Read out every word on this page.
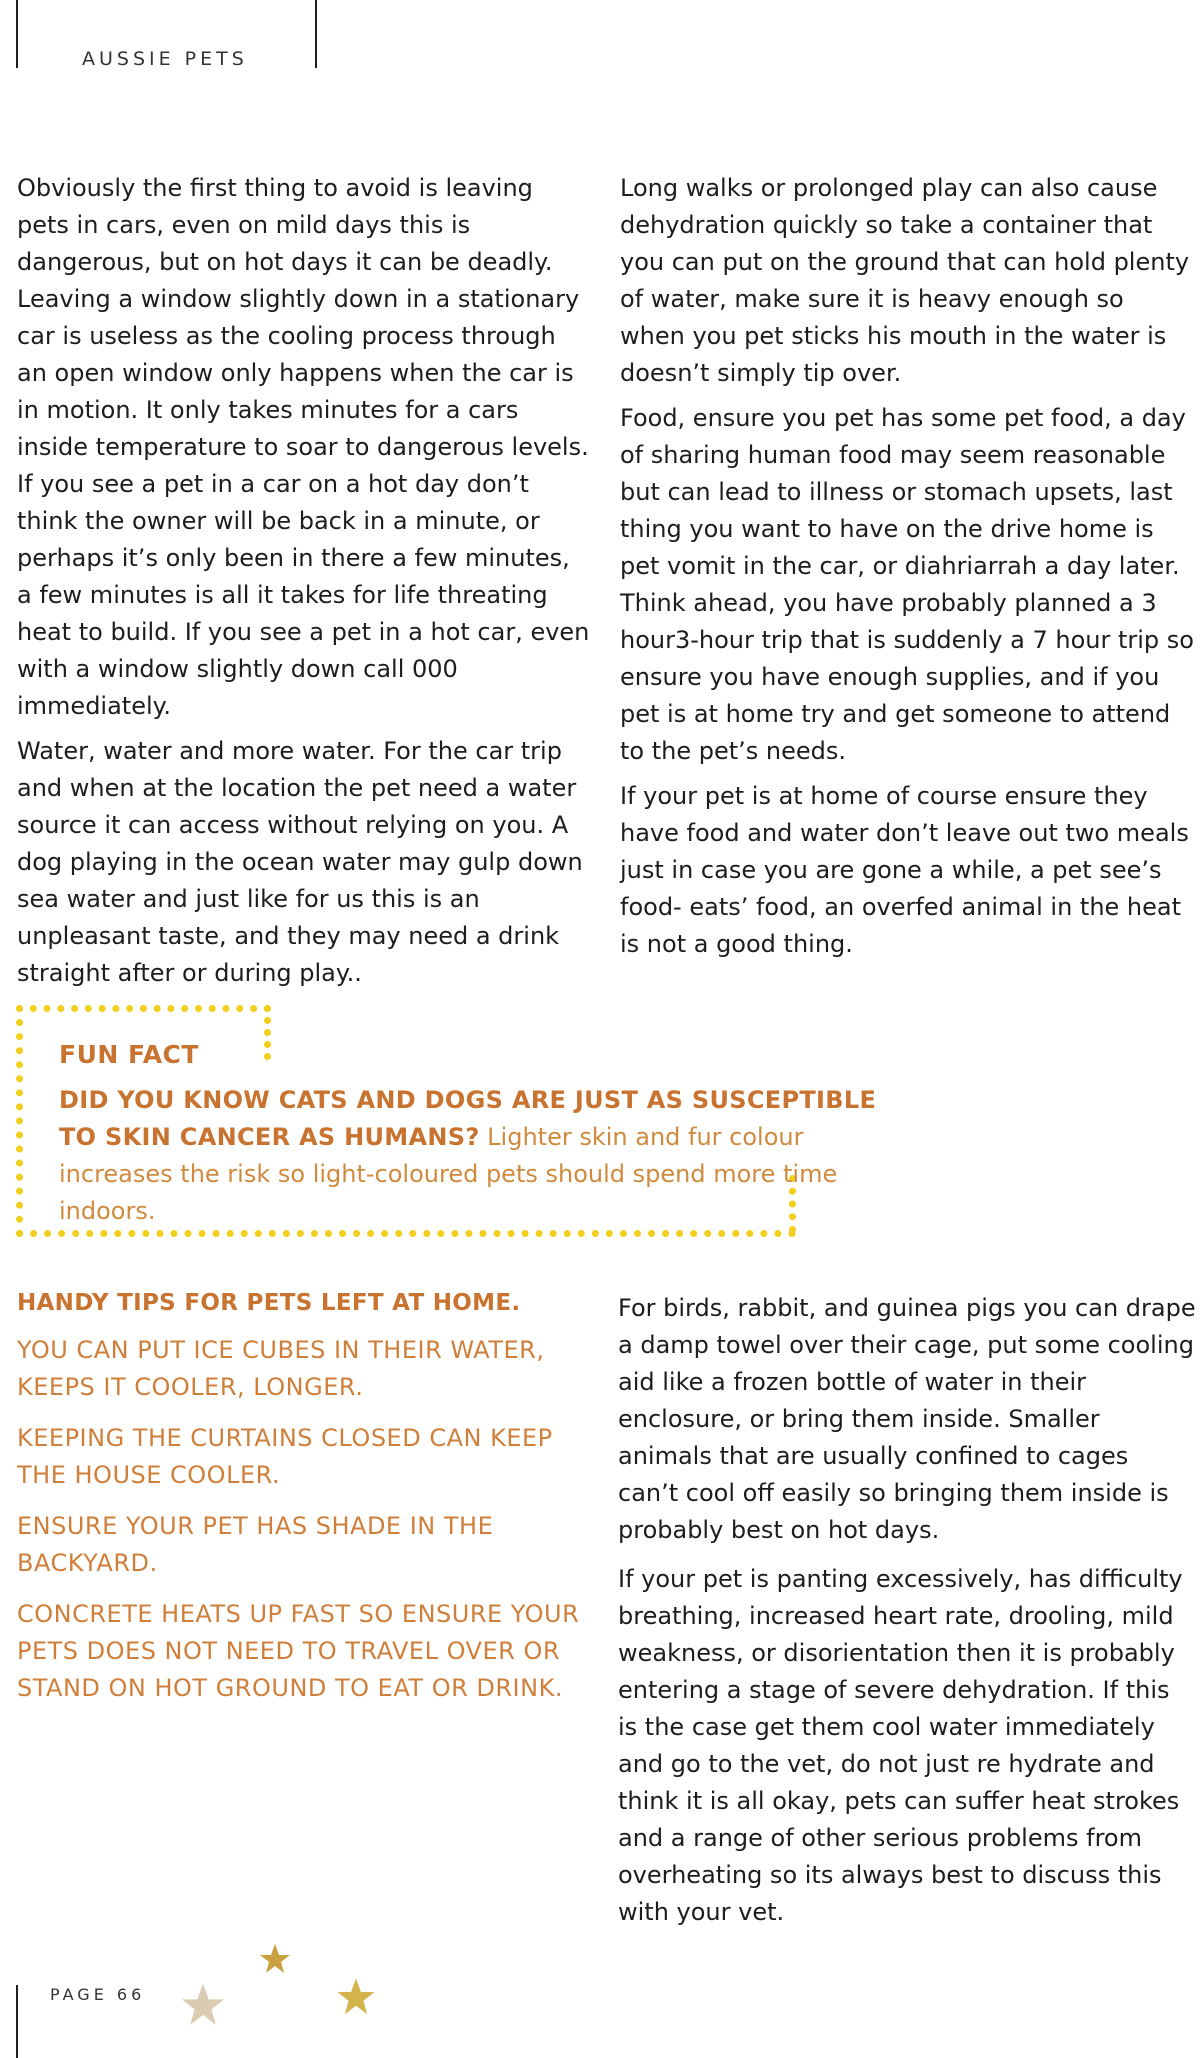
AUSSIE PETS

Obviously the first thing to avoid is leaving pets in cars, even on mild days this is dangerous, but on hot days it can be deadly. Leaving a window slightly down in a stationary car is useless as the cooling process through an open window only happens when the car is in motion. It only takes minutes for a cars inside temperature to soar to dangerous levels. If you see a pet in a car on a hot day don’t think the owner will be back in a minute, or perhaps it’s only been in there a few minutes, a few minutes is all it takes for life threating heat to build. If you see a pet in a hot car, even with a window slightly down call 000 immediately.

Water, water and more water. For the car trip and when at the location the pet need a water source it can access without relying on you. A dog playing in the ocean water may gulp down sea water and just like for us this is an unpleasant taste, and they may need a drink straight after or during play..

Long walks or prolonged play can also cause dehydration quickly so take a container that you can put on the ground that can hold plenty of water, make sure it is heavy enough so when you pet sticks his mouth in the water is doesn’t simply tip over.

Food, ensure you pet has some pet food, a day of sharing human food may seem reasonable but can lead to illness or stomach upsets, last thing you want to have on the drive home is pet vomit in the car, or diahriarrah a day later. Think ahead, you have probably planned a 3 hour3-hour trip that is suddenly a 7 hour trip so ensure you have enough supplies, and if you pet is at home try and get someone to attend to the pet’s needs.

If your pet is at home of course ensure they have food and water don’t leave out two meals just in case you are gone a while, a pet see’s food- eats’ food, an overfed animal in the heat is not a good thing.

FUN FACT
DID YOU KNOW CATS AND DOGS ARE JUST AS SUSCEPTIBLE TO SKIN CANCER AS HUMANS? Lighter skin and fur colour increases the risk so light-coloured pets should spend more time indoors.
HANDY TIPS FOR PETS LEFT AT HOME.
YOU CAN PUT ICE CUBES IN THEIR WATER, KEEPS IT COOLER, LONGER.
KEEPING THE CURTAINS CLOSED CAN KEEP THE HOUSE COOLER.
ENSURE YOUR PET HAS SHADE IN THE BACKYARD.
CONCRETE HEATS UP FAST SO ENSURE YOUR PETS DOES NOT NEED TO TRAVEL OVER OR STAND ON HOT GROUND TO EAT OR DRINK.

For birds, rabbit, and guinea pigs you can drape a damp towel over their cage, put some cooling aid like a frozen bottle of water in their enclosure, or bring them inside. Smaller animals that are usually confined to cages can’t cool off easily so bringing them inside is probably best on hot days.

If your pet is panting excessively, has difficulty breathing, increased heart rate, drooling, mild weakness, or disorientation then it is probably entering a stage of severe dehydration. If this is the case get them cool water immediately and go to the vet, do not just re hydrate and think it is all okay, pets can suffer heat strokes and a range of other serious problems from overheating so its always best to discuss this with your vet.

PAGE 66
